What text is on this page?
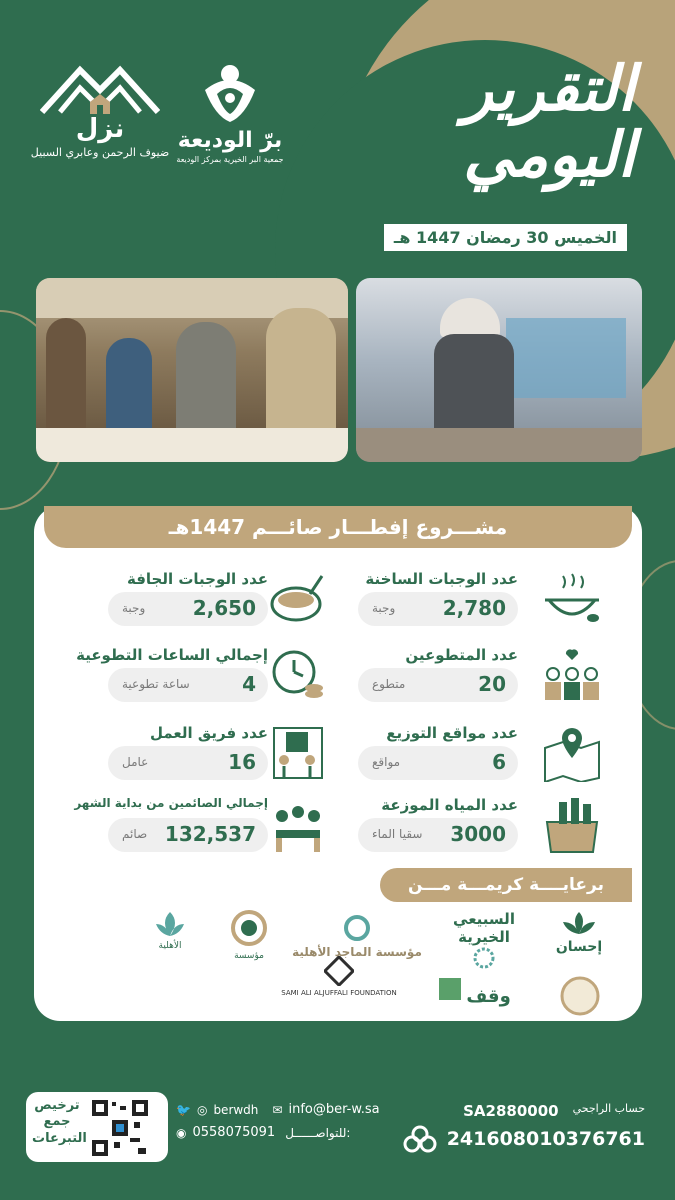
نزل
ضيوف الرحمن وعابري السبيل برّ الوديعة
جمعية البر الخيرية بمركز الوديعة
التقرير
اليومي
الخميس 30 رمضان 1447 هـ
مشـــروع إفطـــار صائـــم 1447هـ
عدد الوجبات الساخنة
2,780
وجبة
عدد الوجبات الجافة
2,650
وجبة
عدد المتطوعين
20
متطوع
إجمالي الساعات التطوعية
4
ساعة تطوعية
عدد مواقع التوزيع
6
مواقع
عدد فريق العمل
16
عامل
عدد المياه الموزعة
3000
سقيا الماء
إجمالي الصائمين من بداية الشهر
132,537
صائم
برعايــــة كريمـــة مـــن
إحسان
السبيعي الخيرية
مؤسسة الماجد الأهلية
مؤسسة
الأهلية
وقف
SAMI ALI ALJUFFALI FOUNDATION
ترخيص
جمع
التبرعات
🐦 ◎ berwdh ✉ info@ber-w.sa
◉ 0558075091 للتواصــــــل:
SA2880000 حساب الراجحي
241608010376761
